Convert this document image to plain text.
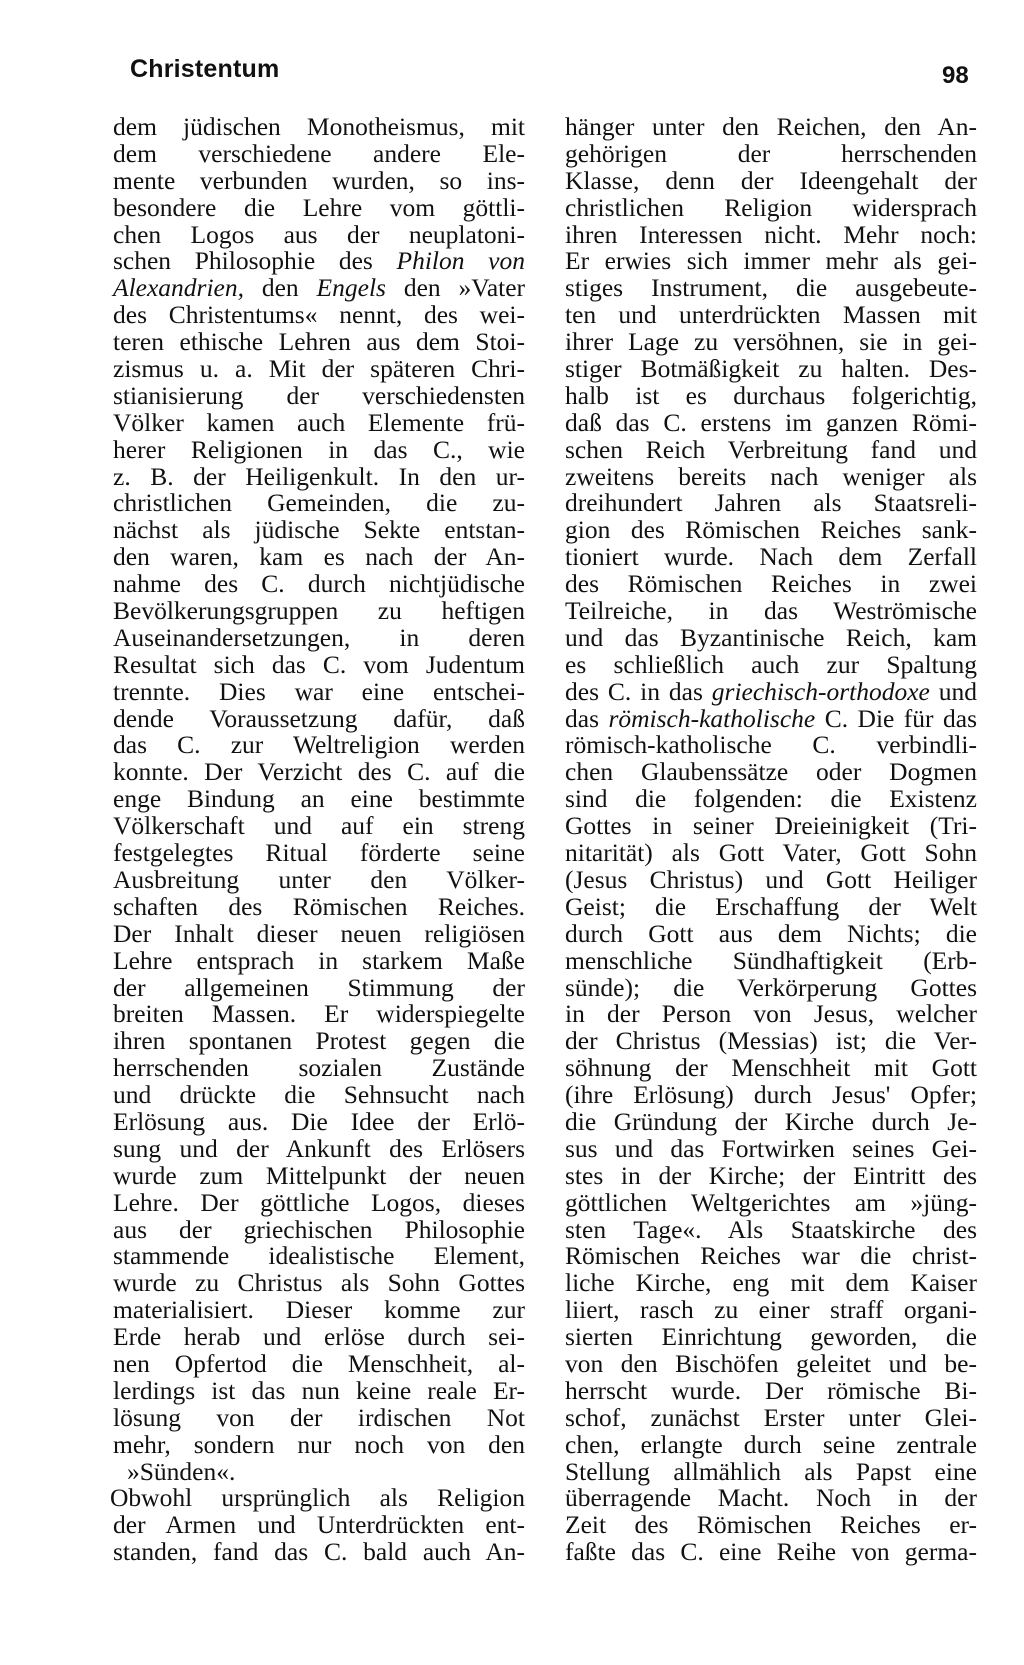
Christentum	98
dem jüdischen Monotheismus, mit
dem verschiedene andere Ele-
mente verbunden wurden, so ins-
besondere die Lehre vom göttli-
chen Logos aus der neuplatoni-
schen Philosophie des Philon von
Alexandrien, den Engels den »Vater
des Christentums« nennt, des wei-
teren ethische Lehren aus dem Stoi-
zismus u. a. Mit der späteren Chri-
stianisierung der verschiedensten
Völker kamen auch Elemente frü-
herer Religionen in das C., wie
z. B. der Heiligenkult. In den ur-
christlichen Gemeinden, die zu-
nächst als jüdische Sekte entstan-
den waren, kam es nach der An-
nahme des C. durch nichtjüdische
Bevölkerungsgruppen zu heftigen
Auseinandersetzungen, in deren
Resultat sich das C. vom Judentum
trennte. Dies war eine entschei-
dende Voraussetzung dafür, daß
das C. zur Weltreligion werden
konnte. Der Verzicht des C. auf die
enge Bindung an eine bestimmte
Völkerschaft und auf ein streng
festgelegtes Ritual förderte seine
Ausbreitung unter den Völker-
schaften des Römischen Reiches.
Der Inhalt dieser neuen religiösen
Lehre entsprach in starkem Maße
der allgemeinen Stimmung der
breiten Massen. Er widerspiegelte
ihren spontanen Protest gegen die
herrschenden sozialen Zustände
und drückte die Sehnsucht nach
Erlösung aus. Die Idee der Erlö-
sung und der Ankunft des Erlösers
wurde zum Mittelpunkt der neuen
Lehre. Der göttliche Logos, dieses
aus der griechischen Philosophie
stammende idealistische Element,
wurde zu Christus als Sohn Gottes
materialisiert. Dieser komme zur
Erde herab und erlöse durch sei-
nen Opfertod die Menschheit, al-
lerdings ist das nun keine reale Er-
lösung von der irdischen Not
mehr, sondern nur noch von den
»Sünden«.
Obwohl ursprünglich als Religion
der Armen und Unterdrückten ent-
standen, fand das C. bald auch An-
hänger unter den Reichen, den An-
gehörigen der herrschenden
Klasse, denn der Ideengehalt der
christlichen Religion widersprach
ihren Interessen nicht. Mehr noch:
Er erwies sich immer mehr als gei-
stiges Instrument, die ausgebeute-
ten und unterdrückten Massen mit
ihrer Lage zu versöhnen, sie in gei-
stiger Botmäßigkeit zu halten. Des-
halb ist es durchaus folgerichtig,
daß das C. erstens im ganzen Römi-
schen Reich Verbreitung fand und
zweitens bereits nach weniger als
dreihundert Jahren als Staatsreli-
gion des Römischen Reiches sank-
tioniert wurde. Nach dem Zerfall
des Römischen Reiches in zwei
Teilreiche, in das Weströmische
und das Byzantinische Reich, kam
es schließlich auch zur Spaltung
des C. in das griechisch-orthodoxe und
das römisch-katholische C. Die für das
römisch-katholische C. verbindli-
chen Glaubenssätze oder Dogmen
sind die folgenden: die Existenz
Gottes in seiner Dreieinigkeit (Tri-
nitarität) als Gott Vater, Gott Sohn
(Jesus Christus) und Gott Heiliger
Geist; die Erschaffung der Welt
durch Gott aus dem Nichts; die
menschliche Sündhaftigkeit (Erb-
sünde); die Verkörperung Gottes
in der Person von Jesus, welcher
der Christus (Messias) ist; die Ver-
söhnung der Menschheit mit Gott
(ihre Erlösung) durch Jesus' Opfer;
die Gründung der Kirche durch Je-
sus und das Fortwirken seines Gei-
stes in der Kirche; der Eintritt des
göttlichen Weltgerichtes am »jüng-
sten Tage«. Als Staatskirche des
Römischen Reiches war die christ-
liche Kirche, eng mit dem Kaiser
liiert, rasch zu einer straff organi-
sierten Einrichtung geworden, die
von den Bischöfen geleitet und be-
herrscht wurde. Der römische Bi-
schof, zunächst Erster unter Glei-
chen, erlangte durch seine zentrale
Stellung allmählich als Papst eine
überragende Macht. Noch in der
Zeit des Römischen Reiches er-
faßte das C. eine Reihe von germa-
